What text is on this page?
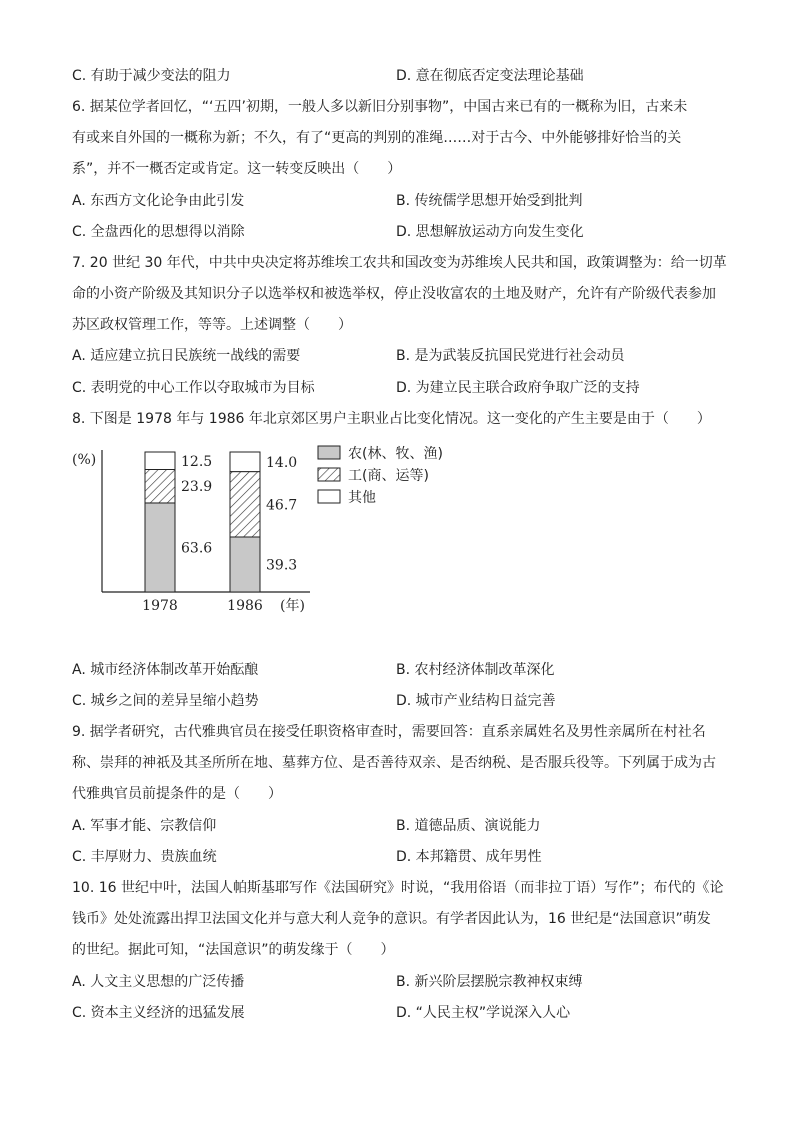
C. 有助于减少变法的阻力	D. 意在彻底否定变法理论基础
6. 据某位学者回忆，“‘五四’初期，一般人多以新旧分别事物”，中国古来已有的一概称为旧，古来未
有或来自外国的一概称为新；不久，有了“更高的判别的准绳……对于古今、中外能够排好恰当的关
系”，并不一概否定或肯定。这一转变反映出（　　）
A. 东西方文化论争由此引发	B. 传统儒学思想开始受到批判
C. 全盘西化的思想得以消除	D. 思想解放运动方向发生变化
7. 20 世纪 30 年代，中共中央决定将苏维埃工农共和国改变为苏维埃人民共和国，政策调整为：给一切革
命的小资产阶级及其知识分子以选举权和被选举权，停止没收富农的土地及财产，允许有产阶级代表参加
苏区政权管理工作，等等。上述调整（　　）
A. 适应建立抗日民族统一战线的需要	B. 是为武装反抗国民党进行社会动员
C. 表明党的中心工作以夺取城市为目标	D. 为建立民主联合政府争取广泛的支持
8. 下图是 1978 年与 1986 年北京郊区男户主职业占比变化情况。这一变化的产生主要是由于（　　）
(%)
(年)
63.6
23.9
12.5
1978
39.3
46.7
14.0
1986
农(林、牧、渔)
工(商、运等)
其他
A. 城市经济体制改革开始酝酿	B. 农村经济体制改革深化
C. 城乡之间的差异呈缩小趋势	D. 城市产业结构日益完善
9. 据学者研究，古代雅典官员在接受任职资格审查时，需要回答：直系亲属姓名及男性亲属所在村社名
称、崇拜的神祇及其圣所所在地、墓葬方位、是否善待双亲、是否纳税、是否服兵役等。下列属于成为古
代雅典官员前提条件的是（　　）
A. 军事才能、宗教信仰	B. 道德品质、演说能力
C. 丰厚财力、贵族血统	D. 本邦籍贯、成年男性
10. 16 世纪中叶，法国人帕斯基耶写作《法国研究》时说，“我用俗语（而非拉丁语）写作”；布代的《论
钱币》处处流露出捍卫法国文化并与意大利人竞争的意识。有学者因此认为，16 世纪是“法国意识”萌发
的世纪。据此可知，“法国意识”的萌发缘于（　　）
A. 人文主义思想的广泛传播	B. 新兴阶层摆脱宗教神权束缚
C. 资本主义经济的迅猛发展	D. “人民主权”学说深入人心
